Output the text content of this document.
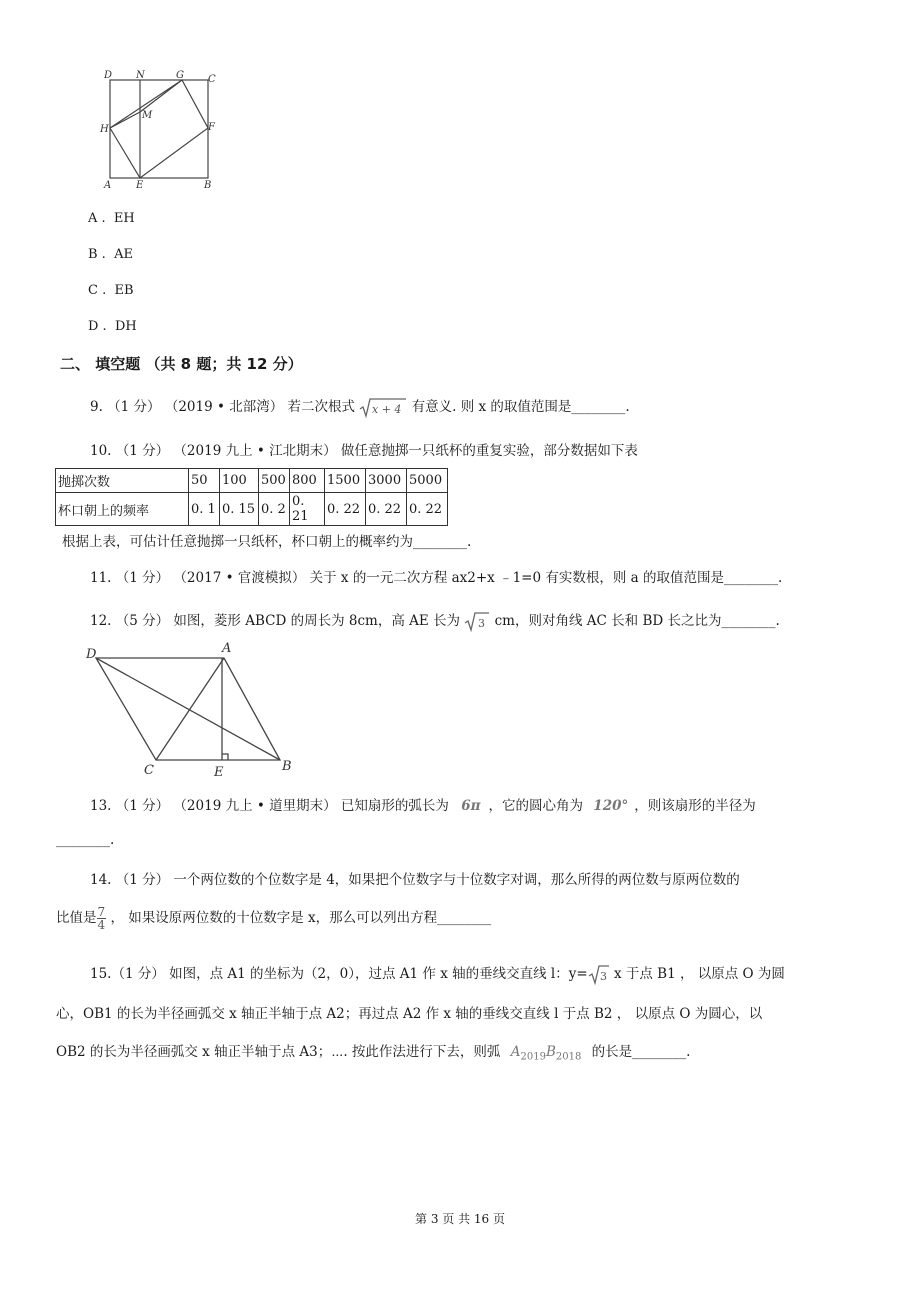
D N	G C
M
H	F
A E	B
A . EH
B . AE
C . EB
D . DH
二、 填空题 （共 8 题；共 12 分）
9. （1 分） （2019 • 北部湾） 若二次根式 x + 4 有意义. 则 x 的取值范围是________.
10. （1 分） （2019 九上 • 江北期末） 做任意抛掷一只纸杯的重复实验，部分数据如下表
抛掷次数	50	100	500	800	1500	3000	5000
杯口朝上的频率	0. 1	0. 15	0. 2	0. 21	0. 22	0. 22	0. 22
根据上表，可估计任意抛掷一只纸杯，杯口朝上的概率约为________.
11. （1 分） （2017 • 官渡模拟） 关于 x 的一元二次方程 ax2+x ﹣1=0 有实数根，则 a 的取值范围是________.
12. （5 分） 如图，菱形 ABCD 的周长为 8cm，高 AE 长为 3 cm，则对角线 AC 长和 BD 长之比为________.
D	A
C	E	B
13. （1 分） （2019 九上 • 道里期末） 已知扇形的弧长为 6π ，它的圆心角为 120° ，则该扇形的半径为
________.
14. （1 分） 一个两位数的个位数字是 4，如果把个位数字与十位数字对调，那么所得的两位数与原两位数的
比值是 $\frac{7}{4}$ ， 如果设原两位数的十位数字是 x，那么可以列出方程________
15.（1 分） 如图，点 A1 的坐标为（2，0），过点 A1 作 x 轴的垂线交直线 l：y= 3 x 于点 B1 ， 以原点 O 为圆
心，OB1 的长为半径画弧交 x 轴正半轴于点 A2；再过点 A2 作 x 轴的垂线交直线 l 于点 B2 ， 以原点 O 为圆心，以
OB2 的长为半径画弧交 x 轴正半轴于点 A3；⋯. 按此作法进行下去，则弧 $A_{2019}B_{2018}$ 的长是________.
第 3 页 共 16 页
